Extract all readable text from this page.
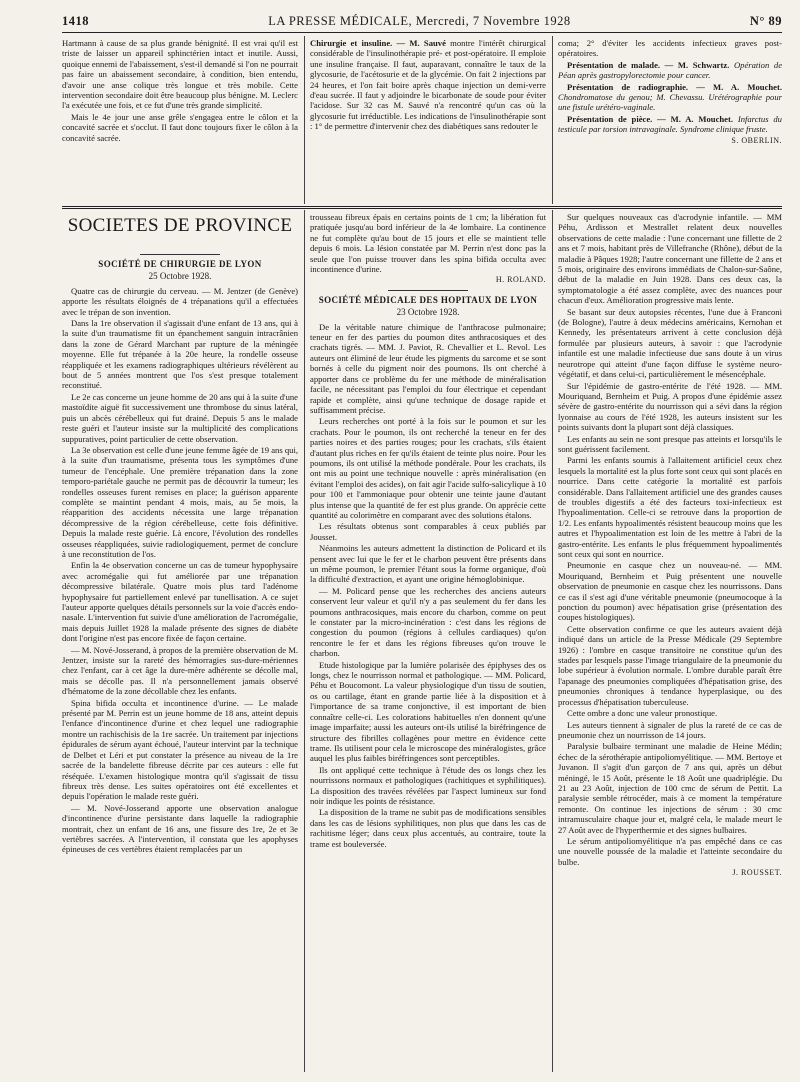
1418	LA PRESSE MÉDICALE, Mercredi, 7 Novembre 1928	N° 89

Hartmann à cause de sa plus grande bénignité. Il est vrai qu'il est triste de laisser un appareil sphinctérien intact et inutile. Aussi, quoique ennemi de l'abaissement, s'est-il demandé si l'on ne pourrait pas faire un abaissement secondaire, à condition, bien entendu, d'avoir une anse colique très longue et très mobile. Cette intervention secondaire doit être beaucoup plus bénigne. M. Leclerc l'a exécutée une fois, et ce fut d'une très grande simplicité.

Mais le 4e jour une anse grêle s'engagea entre le côlon et la concavité sacrée et s'occlut. Il faut donc toujours fixer le côlon à la concavité sacrée.

Chirurgie et insuline. — M. Sauvé montre l'intérêt chirurgical considérable de l'insulinothérapie pré- et post-opératoire. Il emploie une insuline française. Il faut, auparavant, connaître le taux de la glycosurie, de l'acétosurie et de la glycémie. On fait 2 injections par 24 heures, et l'on fait boire après chaque injection un demi-verre d'eau sucrée. Il faut y adjoindre le bicarbonate de soude pour éviter l'acidose. Sur 32 cas M. Sauvé n'a rencontré qu'un cas où la glycosurie fut irréductible. Les indications de l'insulinothérapie sont : 1° de permettre d'intervenir chez des diabétiques sans redouter le

coma; 2° d'éviter les accidents infectieux graves post-opératoires.

Présentation de malade. — M. Schwartz. Opération de Péan après gastropylorectomie pour cancer.

Présentation de radiographie. — M. A. Mouchet. Chondromatose du genou; M. Chevassu. Urétérographie pour une fistule urétéro-vaginale.

Présentation de pièce. — M. A. Mouchet. Infarctus du testicule par torsion intravaginale. Syndrome clinique fruste.

S. OBERLIN.
SOCIETES DE PROVINCE
SOCIÉTÉ DE CHIRURGIE DE LYON
25 Octobre 1928.

Quatre cas de chirurgie du cerveau. — M. Jentzer (de Genève) apporte les résultats éloignés de 4 trépanations qu'il a effectuées avec le trépan de son invention.

Dans la 1re observation il s'agissait d'une enfant de 13 ans, qui à la suite d'un traumatisme fit un épanchement sanguin intracrânien dans la zone de Gérard Marchant par rupture de la méningée moyenne. Elle fut trépanée à la 20e heure, la rondelle osseuse réappliquée et les examens radiographiques ultérieurs révélèrent au bout de 5 années montrent que l'os s'est presque totalement reconstitué.

Le 2e cas concerne un jeune homme de 20 ans qui à la suite d'une mastoïdite aiguë fit successivement une thrombose du sinus latéral, puis un abcès cérébelleux qui fut drainé. Depuis 5 ans le malade reste guéri et l'auteur insiste sur la multiplicité des complications suppuratives, point particulier de cette observation.

La 3e observation est celle d'une jeune femme âgée de 19 ans qui, à la suite d'un traumatisme, présenta tous les symptômes d'une tumeur de l'encéphale. Une première trépanation dans la zone temporo-pariétale gauche ne permit pas de découvrir la tumeur; les rondelles osseuses furent remises en place; la guérison apparente complète se maintint pendant 4 mois, mais, au 5e mois, la réapparition des accidents nécessita une large trépanation décompressive de la région cérébelleuse, cette fois définitive. Depuis la malade reste guérie. Là encore, l'évolution des rondelles osseuses réappliquées, suivie radiologiquement, permet de conclure à une reconstitution de l'os.

Enfin la 4e observation concerne un cas de tumeur hypophysaire avec acromégalie qui fut améliorée par une trépanation décompressive bilatérale. Quatre mois plus tard l'adénome hypophysaire fut partiellement enlevé par tunellisation. A ce sujet l'auteur apporte quelques détails personnels sur la voie d'accès endo-nasale. L'intervention fut suivie d'une amélioration de l'acromégalie, mais depuis Juillet 1928 la malade présente des signes de diabète dont l'origine n'est pas encore fixée de façon certaine.

— M. Nové-Josserand, à propos de la première observation de M. Jentzer, insiste sur la rareté des hémorragies sus-dure-mériennes chez l'enfant, car à cet âge la dure-mère adhérente se décolle mal, mais se décolle pas. Il n'a personnellement jamais observé d'hématome de la zone décollable chez les enfants.

Spina bifida occulta et incontinence d'urine. — Le malade présenté par M. Perrin est un jeune homme de 18 ans, atteint depuis l'enfance d'incontinence d'urine et chez lequel une radiographie montre un rachischisis de la 1re sacrée. Un traitement par injections épidurales de sérum ayant échoué, l'auteur intervint par la technique de Delbet et Léri et put constater la présence au niveau de la 1re sacrée de la bandelette fibreuse décrite par ces auteurs : elle fut réséquée. L'examen histologique montra qu'il s'agissait de tissu fibreux très dense. Les suites opératoires ont été excellentes et depuis l'opération le malade reste guéri.

— M. Nové-Josserand apporte une observation analogue d'incontinence d'urine persistante dans laquelle la radiographie montrait, chez un enfant de 16 ans, une fissure des 1re, 2e et 3e vertèbres sacrées. A l'intervention, il constata que les apophyses épineuses de ces vertèbres étaient remplacées par un

trousseau fibreux épais en certains points de 1 cm; la libération fut pratiquée jusqu'au bord inférieur de la 4e lombaire. La continence ne fut complète qu'au bout de 15 jours et elle se maintient telle depuis 6 mois. La lésion constatée par M. Perrin n'est donc pas la seule que l'on puisse trouver dans les spina bifida occulta avec incontinence d'urine.

H. ROLAND.
SOCIÉTÉ MÉDICALE DES HOPITAUX DE LYON
23 Octobre 1928.

De la véritable nature chimique de l'anthracose pulmonaire; teneur en fer des parties du poumon dites anthracosiques et des crachats tigrés. — MM. J. Paviot, R. Chevallier et L. Revol. Les auteurs ont éliminé de leur étude les pigments du sarcome et se sont bornés à celle du pigment noir des poumons. Ils ont cherché à apporter dans ce problème du fer une méthode de minéralisation facile, ne nécessitant pas l'emploi du four électrique et cependant rapide et complète, ainsi qu'une technique de dosage rapide et suffisamment précise.

Leurs recherches ont porté à la fois sur le poumon et sur les crachats. Pour le poumon, ils ont recherché la teneur en fer des parties noires et des parties rouges; pour les crachats, s'ils étaient d'autant plus riches en fer qu'ils étaient de teinte plus noire. Pour les poumons, ils ont utilisé la méthode pondérale. Pour les crachats, ils ont mis au point une technique nouvelle : après minéralisation (en évitant l'emploi des acides), on fait agir l'acide sulfo-salicylique à 10 pour 100 et l'ammoniaque pour obtenir une teinte jaune d'autant plus intense que la quantité de fer est plus grande. On apprécie cette quantité au colorimètre en comparant avec des solutions étalons.

Les résultats obtenus sont comparables à ceux publiés par Jousset.

Néanmoins les auteurs admettent la distinction de Policard et ils pensent avec lui que le fer et le charbon peuvent être présents dans un même poumon, le premier l'étant sous la forme organique, d'où la difficulté d'extraction, et ayant une origine hémoglobinique.

— M. Policard pense que les recherches des anciens auteurs conservent leur valeur et qu'il n'y a pas seulement du fer dans les poumons anthracosiques, mais encore du charbon, comme on peut le constater par la micro-incinération : c'est dans les régions de congestion du poumon (régions à cellules cardiaques) qu'on rencontre le fer et dans les régions fibreuses qu'on trouve le charbon.

Etude histologique par la lumière polarisée des épiphyses des os longs, chez le nourrisson normal et pathologique. — MM. Policard, Péhu et Boucomont. La valeur physiologique d'un tissu de soutien, os ou cartilage, étant en grande partie liée à la disposition et à l'importance de sa trame conjonctive, il est important de bien connaître celle-ci. Les colorations habituelles n'en donnent qu'une image imparfaite; aussi les auteurs ont-ils utilisé la biréfringence de structure des fibrilles collagènes pour mettre en évidence cette trame. Ils utilisent pour cela le microscope des minéralogistes, grâce auquel les plus faibles biréfringences sont perceptibles.

Ils ont appliqué cette technique à l'étude des os longs chez les nourrissons normaux et pathologiques (rachitiques et syphilitiques). La disposition des travées révélées par l'aspect lumineux sur fond noir indique les points de résistance.

La disposition de la trame ne subit pas de modifications sensibles dans les cas de lésions syphilitiques, non plus que dans les cas de rachitisme léger; dans ceux plus accentués, au contraire, toute la trame est bouleversée.

Sur quelques nouveaux cas d'acrodynie infantile. — MM Péhu, Ardisson et Mestrallet relatent deux nouvelles observations de cette maladie : l'une concernant une fillette de 2 ans et 7 mois, habitant près de Villefranche (Rhône), début de la maladie à Pâques 1928; l'autre concernant une fillette de 2 ans et 5 mois, originaire des environs immédiats de Chalon-sur-Saône, début de la maladie en Juin 1928. Dans ces deux cas, la symptomatologie a été assez complète, avec des nuances pour chacun d'eux. Amélioration progressive mais lente.

Se basant sur deux autopsies récentes, l'une due à Franconi (de Bologne), l'autre à deux médecins américains, Kernohan et Kennedy, les présentateurs arrivent à cette conclusion déjà formulée par plusieurs auteurs, à savoir : que l'acrodynie infantile est une maladie infectieuse due sans doute à un virus neurotrope qui atteint d'une façon diffuse le système neuro-végétatif, et dans celui-ci, particulièrement le mésencéphale.

Sur l'épidémie de gastro-entérite de l'été 1928. — MM. Mouriquand, Bernheim et Puig. A propos d'une épidémie assez sévère de gastro-entérite du nourrisson qui a sévi dans la région lyonnaise au cours de l'été 1928, les auteurs insistent sur les points suivants dont la plupart sont déjà classiques.

Les enfants au sein ne sont presque pas atteints et lorsqu'ils le sont guérissent facilement.

Parmi les enfants soumis à l'allaitement artificiel ceux chez lesquels la mortalité est la plus forte sont ceux qui sont placés en nourrice. Dans cette catégorie la mortalité est parfois considérable. Dans l'allaitement artificiel une des grandes causes de troubles digestifs a été des facteurs toxi-infectieux est l'hypoalimentation. Celle-ci se retrouve dans la proportion de 1/2. Les enfants hypoalimentés résistent beaucoup moins que les autres et l'hypoalimentation est loin de les mettre à l'abri de la gastro-entérite. Les enfants le plus fréquemment hypoalimentés sont ceux qui sont en nourrice.

Pneumonie en casque chez un nouveau-né. — MM. Mouriquand, Bernheim et Puig présentent une nouvelle observation de pneumonie en casque chez les nourrissons. Dans ce cas il s'est agi d'une véritable pneumonie (pneumocoque à la ponction du poumon) avec hépatisation grise (présentation des coupes histologiques).

Cette observation confirme ce que les auteurs avaient déjà indiqué dans un article de la Presse Médicale (29 Septembre 1926) : l'ombre en casque transitoire ne constitue qu'un des stades par lesquels passe l'image triangulaire de la pneumonie du lobe supérieur à évolution normale. L'ombre durable paraît être l'apanage des pneumonies compliquées d'hépatisation grise, des pneumonies chroniques à tendance hyperplasique, ou des processus d'hépatisation tuberculeuse.

Cette ombre a donc une valeur pronostique.

Les auteurs tiennent à signaler de plus la rareté de ce cas de pneumonie chez un nourrisson de 14 jours.

Paralysie bulbaire terminant une maladie de Heine Médin; échec de la sérothérapie antipoliomyélitique. — MM. Bertoye et Juvanon. Il s'agit d'un garçon de 7 ans qui, après un début méningé, le 15 Août, présente le 18 Août une quadriplégie. Du 21 au 23 Août, injection de 100 cmc de sérum de Pettit. La paralysie semble rétrocéder, mais à ce moment la température remonte. On continue les injections de sérum : 30 cmc intramusculaire chaque jour et, malgré cela, le malade meurt le 27 Août avec de l'hyperthermie et des signes bulbaires.

Le sérum antipoliomyélitique n'a pas empêché dans ce cas une nouvelle poussée de la maladie et l'atteinte secondaire du bulbe.

J. ROUSSET.
